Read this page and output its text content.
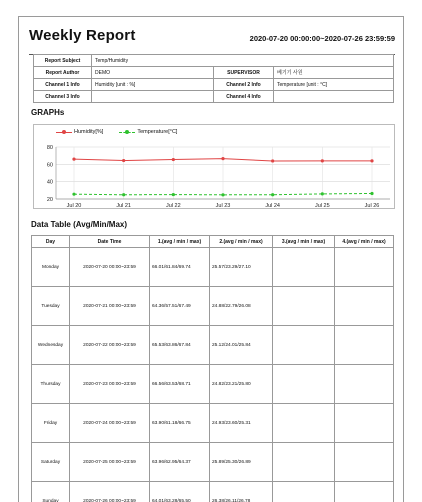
Weekly Report	2020-07-20 00:00:00~2020-07-26 23:59:59
Report Subject	Temp/Humidity		
Report Author	DEMO	SUPERVISOR	베기기 사원
Channel 1 Info	Humidity [unit : %]	Channel 2 Info	Temperature [unit : °C]
Channel 3 Info		Channel 4 Info	
GRAPHs
Humidity[%]	Temperature[°C]
80
60
40
20
Jul 20	Jul 21	Jul 22	Jul 23	Jul 24	Jul 25	Jul 26
Data Table (Avg/Min/Max)
Day	Date Time	1.(avg / min / max)	2.(avg / min / max)	3.(avg / min / max)	4.(avg / min / max)
Monday	2020-07-20 00:00~23:59	66.01/61.84/69.74	25.57/23.29/27.10		
Tuesday	2020-07-21 00:00~23:59	64.36/57.51/67.49	24.88/22.79/26.08		
Wednesday	2020-07-22 00:00~23:59	65.53/63.86/67.84	25.12/24.01/25.84		
Thursday	2020-07-23 00:00~23:59	66.56/63.53/68.71	24.82/23.21/25.80		
Friday	2020-07-24 00:00~23:59	63.90/61.18/66.75	24.93/23.60/25.31		
Saturday	2020-07-25 00:00~23:59	63.96/62.95/64.37	25.89/25.30/26.89		
Sunday	2020-07-26 00:00~23:59	64.01/63.28/65.50	26.38/26.11/26.78		
